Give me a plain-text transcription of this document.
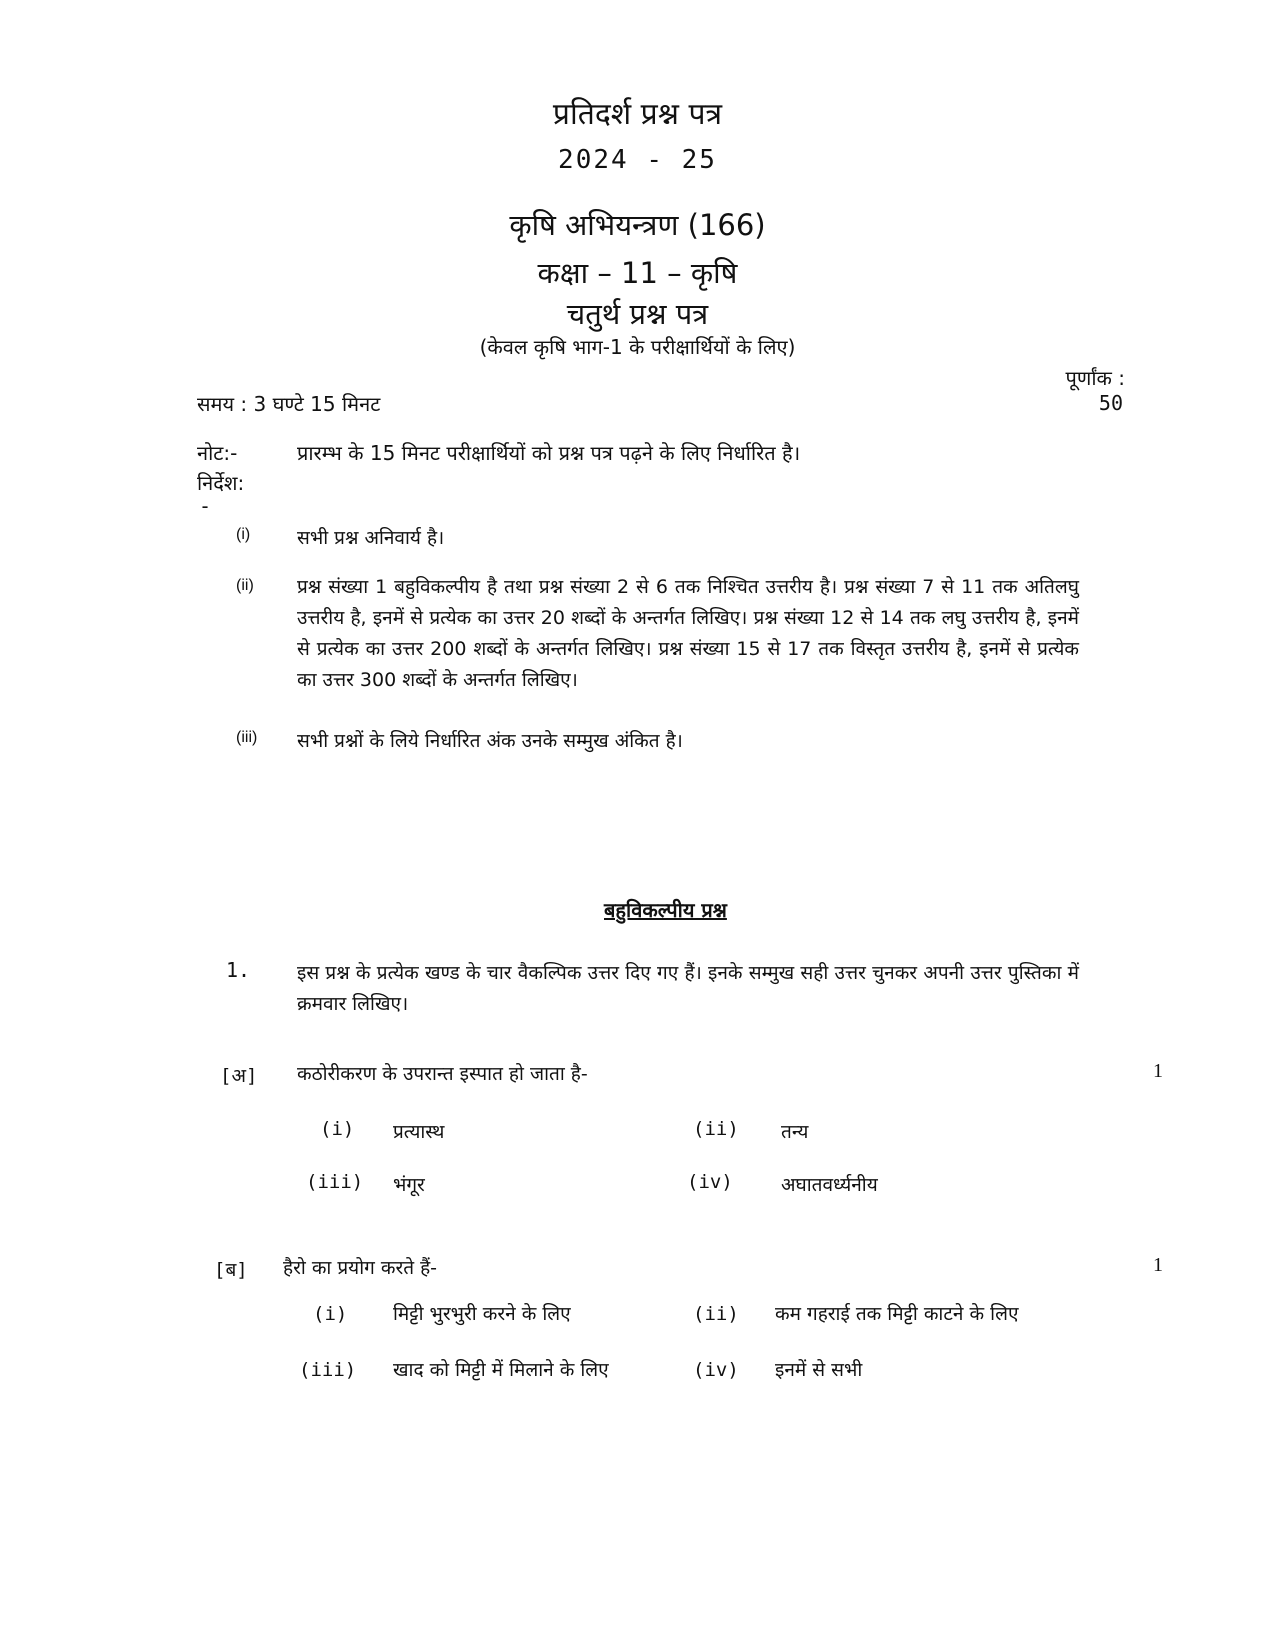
प्रतिदर्श प्रश्न पत्र
2024 - 25
कृषि अभियन्त्रण (166)
कक्षा – 11 – कृषि
चतुर्थ प्रश्न पत्र
(केवल कृषि भाग-1 के परीक्षार्थियों के लिए)
पूर्णांक :
50
समय : 3 घण्टे 15 मिनट
नोट:-	प्रारम्भ के 15 मिनट परीक्षार्थियों को प्रश्न पत्र पढ़ने के लिए निर्धारित है।
निर्देश:
-
(i) सभी प्रश्न अनिवार्य है।
(ii) प्रश्न संख्या 1 बहुविकल्पीय है तथा प्रश्न संख्या 2 से 6 तक निश्चित उत्तरीय है। प्रश्न संख्या 7 से 11 तक अतिलघु उत्तरीय है, इनमें से प्रत्येक का उत्तर 20 शब्दों के अन्तर्गत लिखिए। प्रश्न संख्या 12 से 14 तक लघु उत्तरीय है, इनमें से प्रत्येक का उत्तर 200 शब्दों के अन्तर्गत लिखिए। प्रश्न संख्या 15 से 17 तक विस्तृत उत्तरीय है, इनमें से प्रत्येक का उत्तर 300 शब्दों के अन्तर्गत लिखिए।
(iii) सभी प्रश्नों के लिये निर्धारित अंक उनके सम्मुख अंकित है।
बहुविकल्पीय प्रश्न
1. इस प्रश्न के प्रत्येक खण्ड के चार वैकल्पिक उत्तर दिए गए हैं। इनके सम्मुख सही उत्तर चुनकर अपनी उत्तर पुस्तिका में क्रमवार लिखिए।
[अ] कठोरीकरण के उपरान्त इस्पात हो जाता है-	1
(i) प्रत्यास्थ	(ii) तन्य
(iii) भंगूर	(iv)	अघातवर्ध्यनीय
[ब] हैरो का प्रयोग करते हैं-	1
(i) मिट्टी भुरभुरी करने के लिए	(ii) कम गहराई तक मिट्टी काटने के लिए
(iii) खाद को मिट्टी में मिलाने के लिए	(iv) इनमें से सभी
